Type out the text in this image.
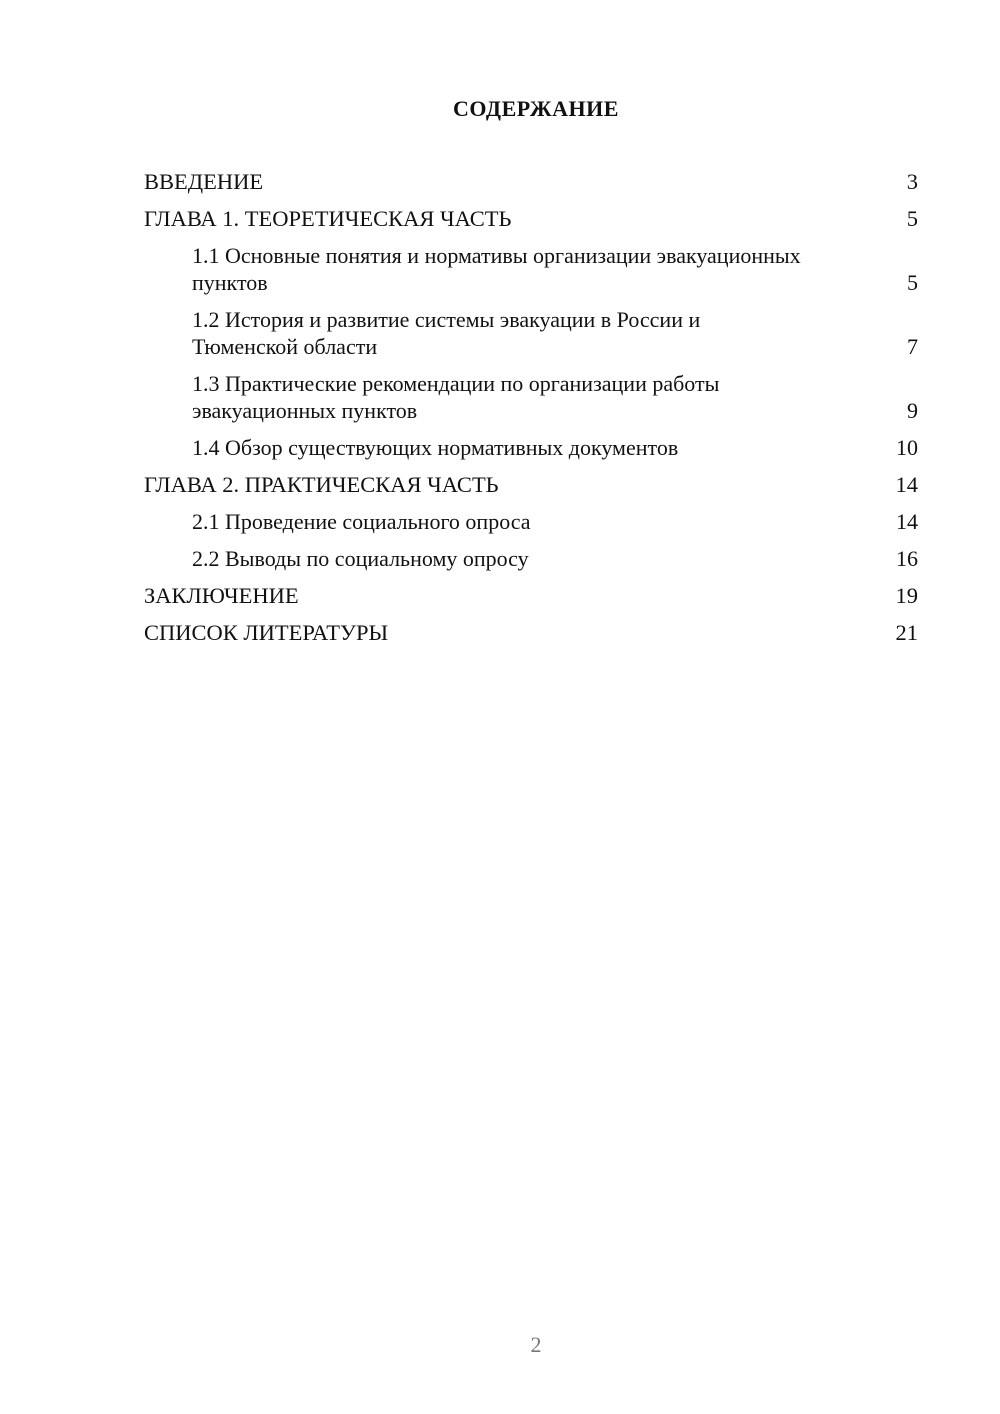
СОДЕРЖАНИЕ
ВВЕДЕНИЕ	3
ГЛАВА 1. ТЕОРЕТИЧЕСКАЯ ЧАСТЬ	5
1.1 Основные понятия и нормативы организации эвакуационных пунктов	5
1.2 История и развитие системы эвакуации в России и Тюменской области	7
1.3 Практические рекомендации по организации работы эвакуационных пунктов	9
1.4 Обзор существующих нормативных документов	10
ГЛАВА 2. ПРАКТИЧЕСКАЯ ЧАСТЬ	14
2.1 Проведение социального опроса	14
2.2 Выводы по социальному опросу	16
ЗАКЛЮЧЕНИЕ	19
СПИСОК ЛИТЕРАТУРЫ	21
2
